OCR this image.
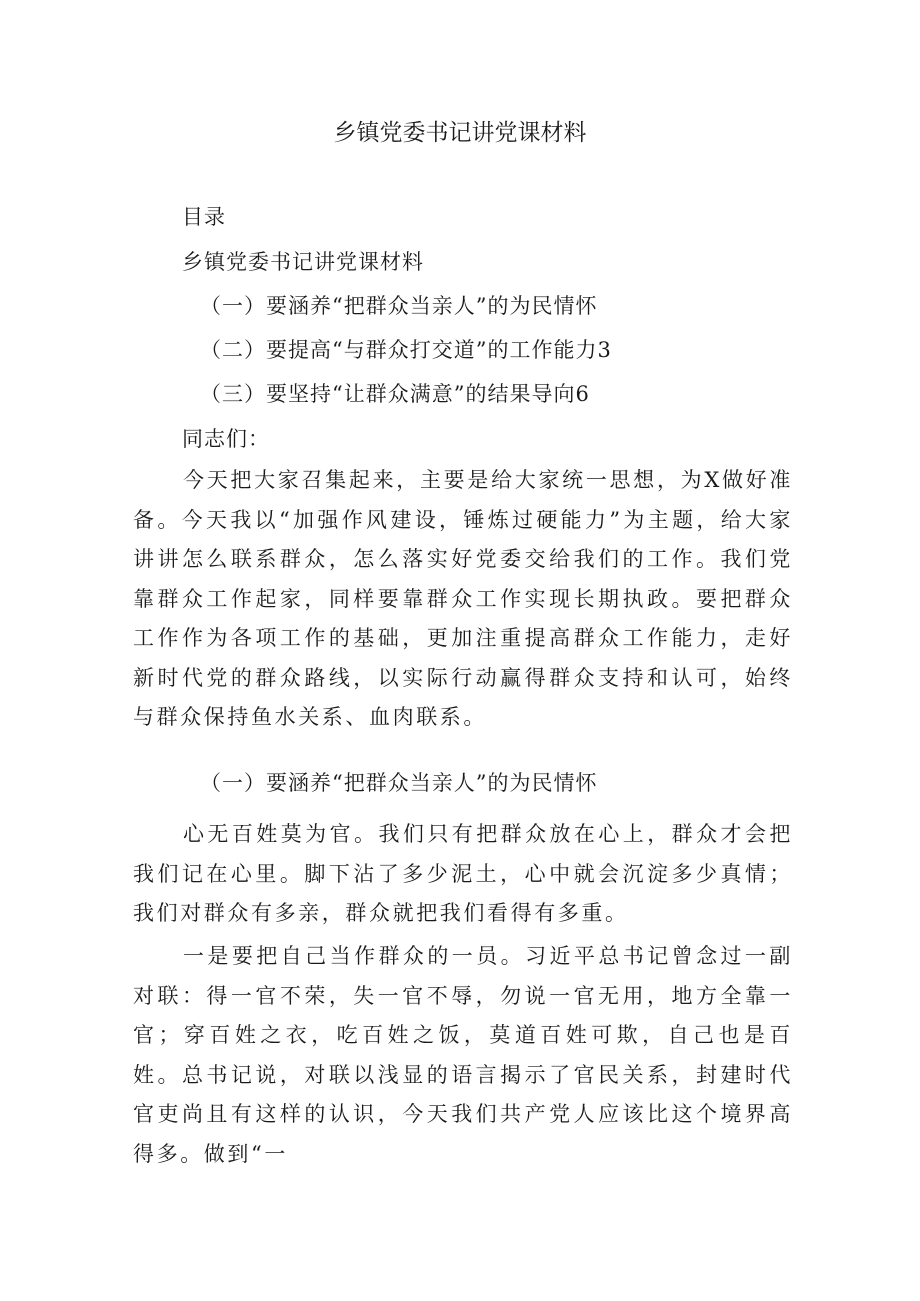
乡镇党委书记讲党课材料
目录
乡镇党委书记讲党课材料
（一）要涵养“把群众当亲人”的为民情怀
（二）要提高“与群众打交道”的工作能力3
（三）要坚持“让群众满意”的结果导向6
同志们：

今天把大家召集起来，主要是给大家统一思想，为X做好准备。今天我以“加强作风建设，锤炼过硬能力”为主题，给大家讲讲怎么联系群众，怎么落实好党委交给我们的工作。我们党靠群众工作起家，同样要靠群众工作实现长期执政。要把群众工作作为各项工作的基础，更加注重提高群众工作能力，走好新时代党的群众路线，以实际行动赢得群众支持和认可，始终与群众保持鱼水关系、血肉联系。

（一）要涵养“把群众当亲人”的为民情怀

心无百姓莫为官。我们只有把群众放在心上，群众才会把我们记在心里。脚下沾了多少泥土，心中就会沉淀多少真情；我们对群众有多亲，群众就把我们看得有多重。

一是要把自己当作群众的一员。习近平总书记曾念过一副对联：得一官不荣，失一官不辱，勿说一官无用，地方全靠一官；穿百姓之衣，吃百姓之饭，莫道百姓可欺，自己也是百姓。总书记说，对联以浅显的语言揭示了官民关系，封建时代官吏尚且有这样的认识，今天我们共产党人应该比这个境界高得多。做到“一
